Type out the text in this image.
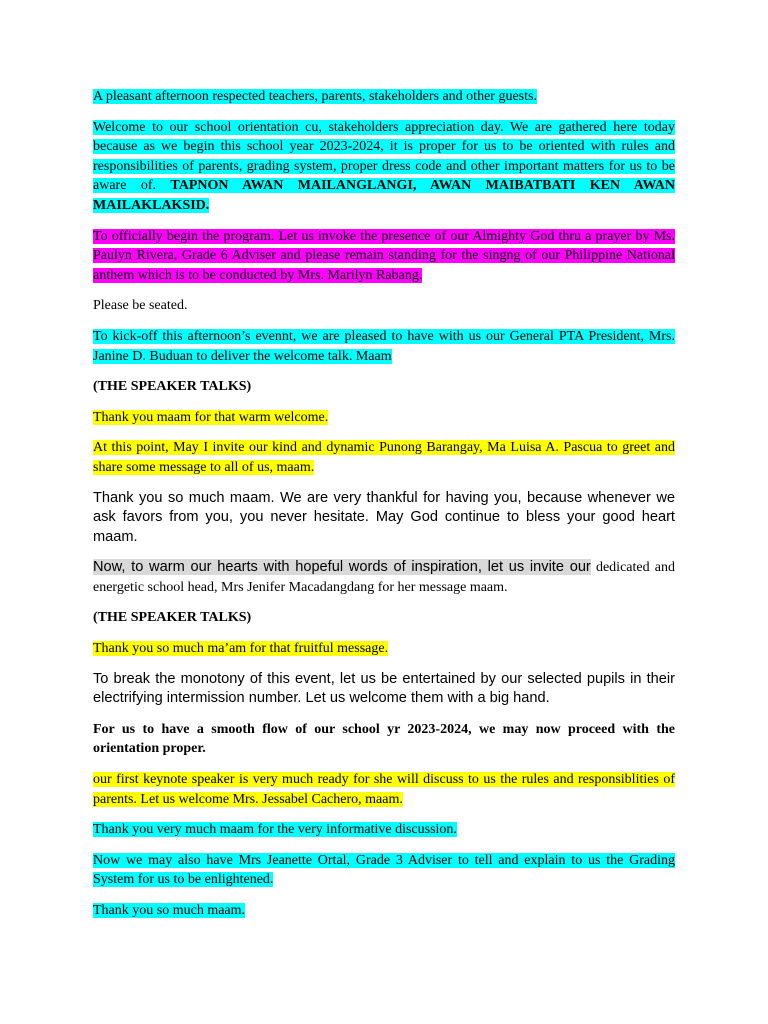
A pleasant afternoon respected teachers, parents, stakeholders and other guests.

Welcome to our school orientation cu, stakeholders appreciation day. We are gathered here today because as we begin this school year 2023-2024, it is proper for us to be oriented with rules and responsibilities of parents, grading system, proper dress code and other important matters for us to be aware of. TAPNON AWAN MAILANGLANGI, AWAN MAIBATBATI KEN AWAN MAILAKLAKSID.

To officially begin the program. Let us invoke the presence of our Almighty God thru a prayer by Ms. Paulyn Rivera, Grade 6 Adviser and please remain standing for the singng of our Philippine National anthem which is to be conducted by Mrs. Marilyn Rabang.

Please be seated.

To kick-off this afternoon’s evennt, we are pleased to have with us our General PTA President, Mrs. Janine D. Buduan to deliver the welcome talk. Maam

(THE SPEAKER TALKS)

Thank you maam for that warm welcome.

At this point, May I invite our kind and dynamic Punong Barangay, Ma Luisa A. Pascua to greet and share some message to all of us, maam.

Thank you so much maam. We are very thankful for having you, because whenever we ask favors from you, you never hesitate. May God continue to bless your good heart maam.

Now, to warm our hearts with hopeful words of inspiration, let us invite our dedicated and energetic school head, Mrs Jenifer Macadangdang for her message maam.

(THE SPEAKER TALKS)

Thank you so much ma’am for that fruitful message.

To break the monotony of this event, let us be entertained by our selected pupils in their electrifying intermission number. Let us welcome them with a big hand.

For us to have a smooth flow of our school yr 2023-2024, we may now proceed with the orientation proper.

our first keynote speaker is very much ready for she will discuss to us the rules and responsiblities of parents. Let us welcome Mrs. Jessabel Cachero, maam.

Thank you very much maam for the very informative discussion.

Now we may also have Mrs Jeanette Ortal, Grade 3 Adviser to tell and explain to us the Grading System for us to be enlightened.

Thank you so much maam.
